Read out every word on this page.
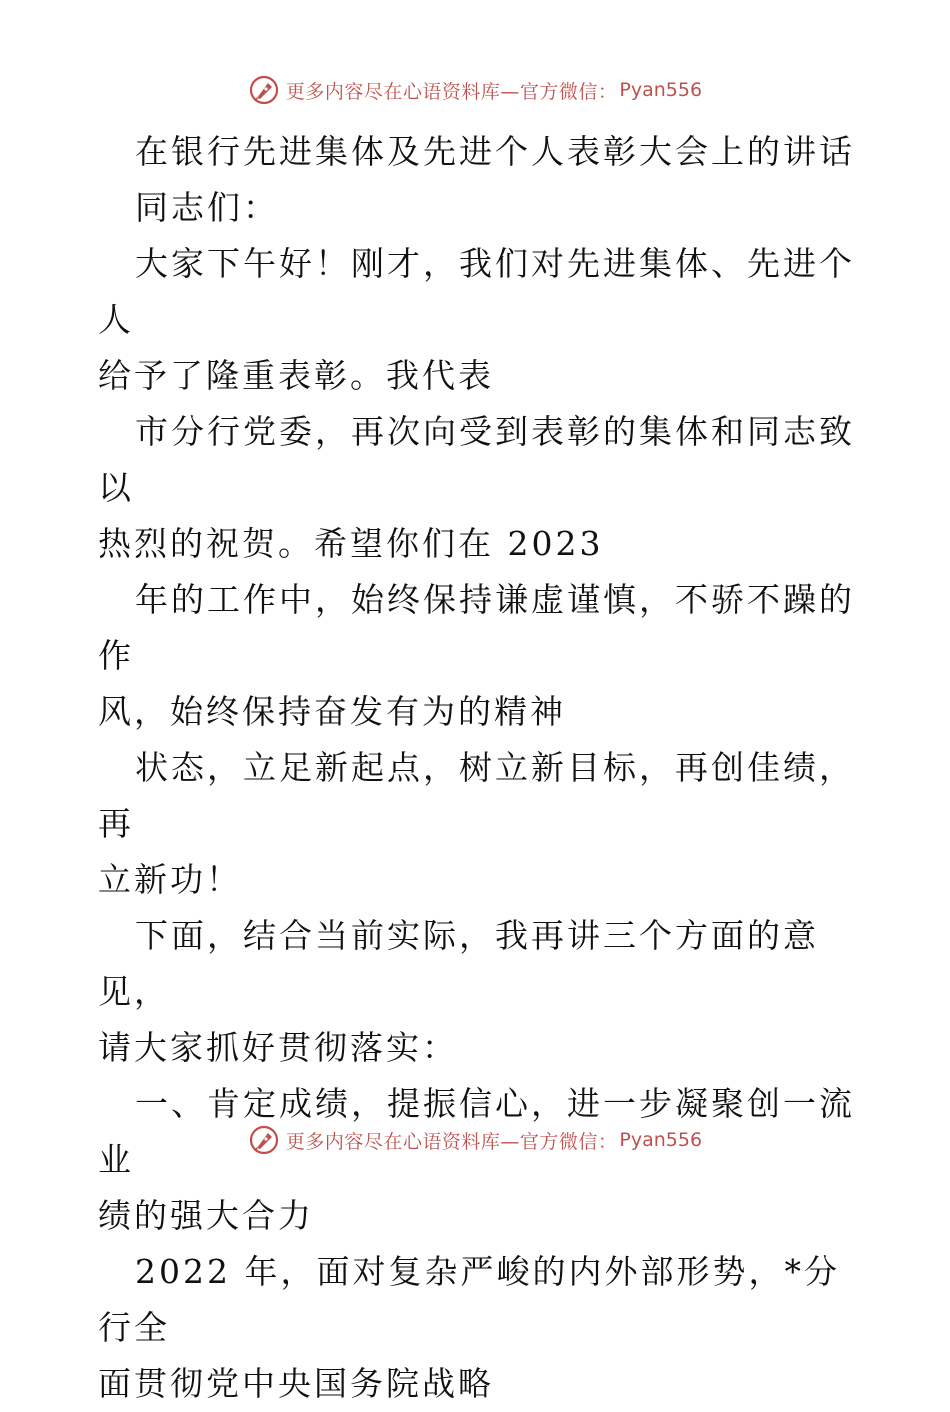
更多内容尽在心语资料库—官方微信： Pyan556

在银行先进集体及先进个人表彰大会上的讲话

同志们：

大家下午好！刚才，我们对先进集体、先进个人
给予了隆重表彰。我代表

市分行党委，再次向受到表彰的集体和同志致以
热烈的祝贺。希望你们在 2023

年的工作中，始终保持谦虚谨慎，不骄不躁的作
风，始终保持奋发有为的精神

状态，立足新起点，树立新目标，再创佳绩，再
立新功！

下面，结合当前实际，我再讲三个方面的意见，
请大家抓好贯彻落实：

一、肯定成绩，提振信心，进一步凝聚创一流业
绩的强大合力

2022 年，面对复杂严峻的内外部形势，*分行全
面贯彻党中央国务院战略

更多内容尽在心语资料库—官方微信： Pyan556
